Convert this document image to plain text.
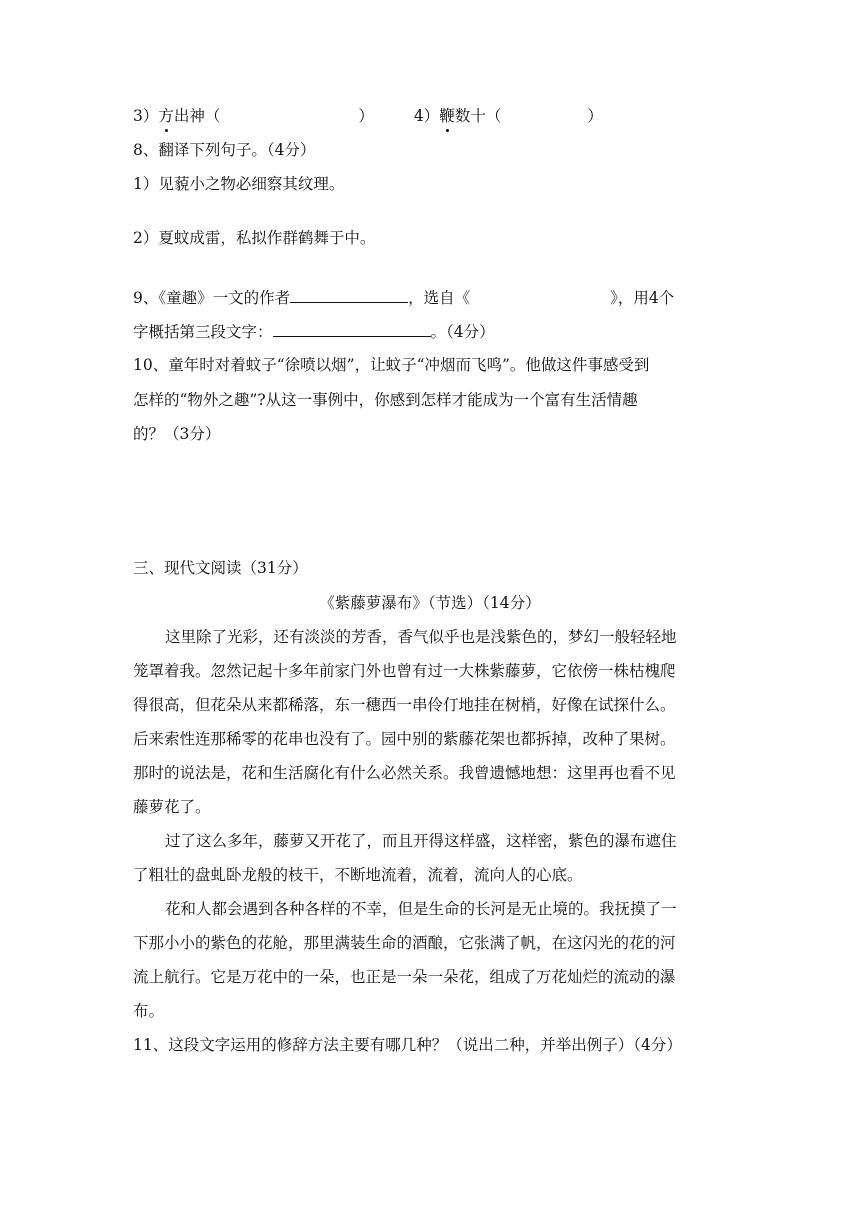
3）方出神（	）	4）鞭数十（	）
8、翻译下列句子。（4分）
1）见藐小之物必细察其纹理。
2）夏蚊成雷，私拟作群鹤舞于中。
9、《童趣》一文的作者	，选自《	》，用4个
字概括第三段文字：	。（4分）
10、童年时对着蚊子“徐喷以烟”，让蚊子“冲烟而飞鸣”。他做这件事感受到
怎样的“物外之趣”?从这一事例中，你感到怎样才能成为一个富有生活情趣
的？（3分）
三、现代文阅读（31分）
《紫藤萝瀑布》（节选）（14分）
这里除了光彩，还有淡淡的芳香，香气似乎也是浅紫色的，梦幻一般轻轻地
笼罩着我。忽然记起十多年前家门外也曾有过一大株紫藤萝，它依傍一株枯槐爬
得很高，但花朵从来都稀落，东一穗西一串伶仃地挂在树梢，好像在试探什么。
后来索性连那稀零的花串也没有了。园中别的紫藤花架也都拆掉，改种了果树。
那时的说法是，花和生活腐化有什么必然关系。我曾遗憾地想：这里再也看不见
藤萝花了。
过了这么多年，藤萝又开花了，而且开得这样盛，这样密，紫色的瀑布遮住
了粗壮的盘虬卧龙般的枝干，不断地流着，流着，流向人的心底。
花和人都会遇到各种各样的不幸，但是生命的长河是无止境的。我抚摸了一
下那小小的紫色的花舱，那里满装生命的酒酿，它张满了帆，在这闪光的花的河
流上航行。它是万花中的一朵，也正是一朵一朵花，组成了万花灿烂的流动的瀑
布。
11、这段文字运用的修辞方法主要有哪几种？（说出二种，并举出例子）（4分）
